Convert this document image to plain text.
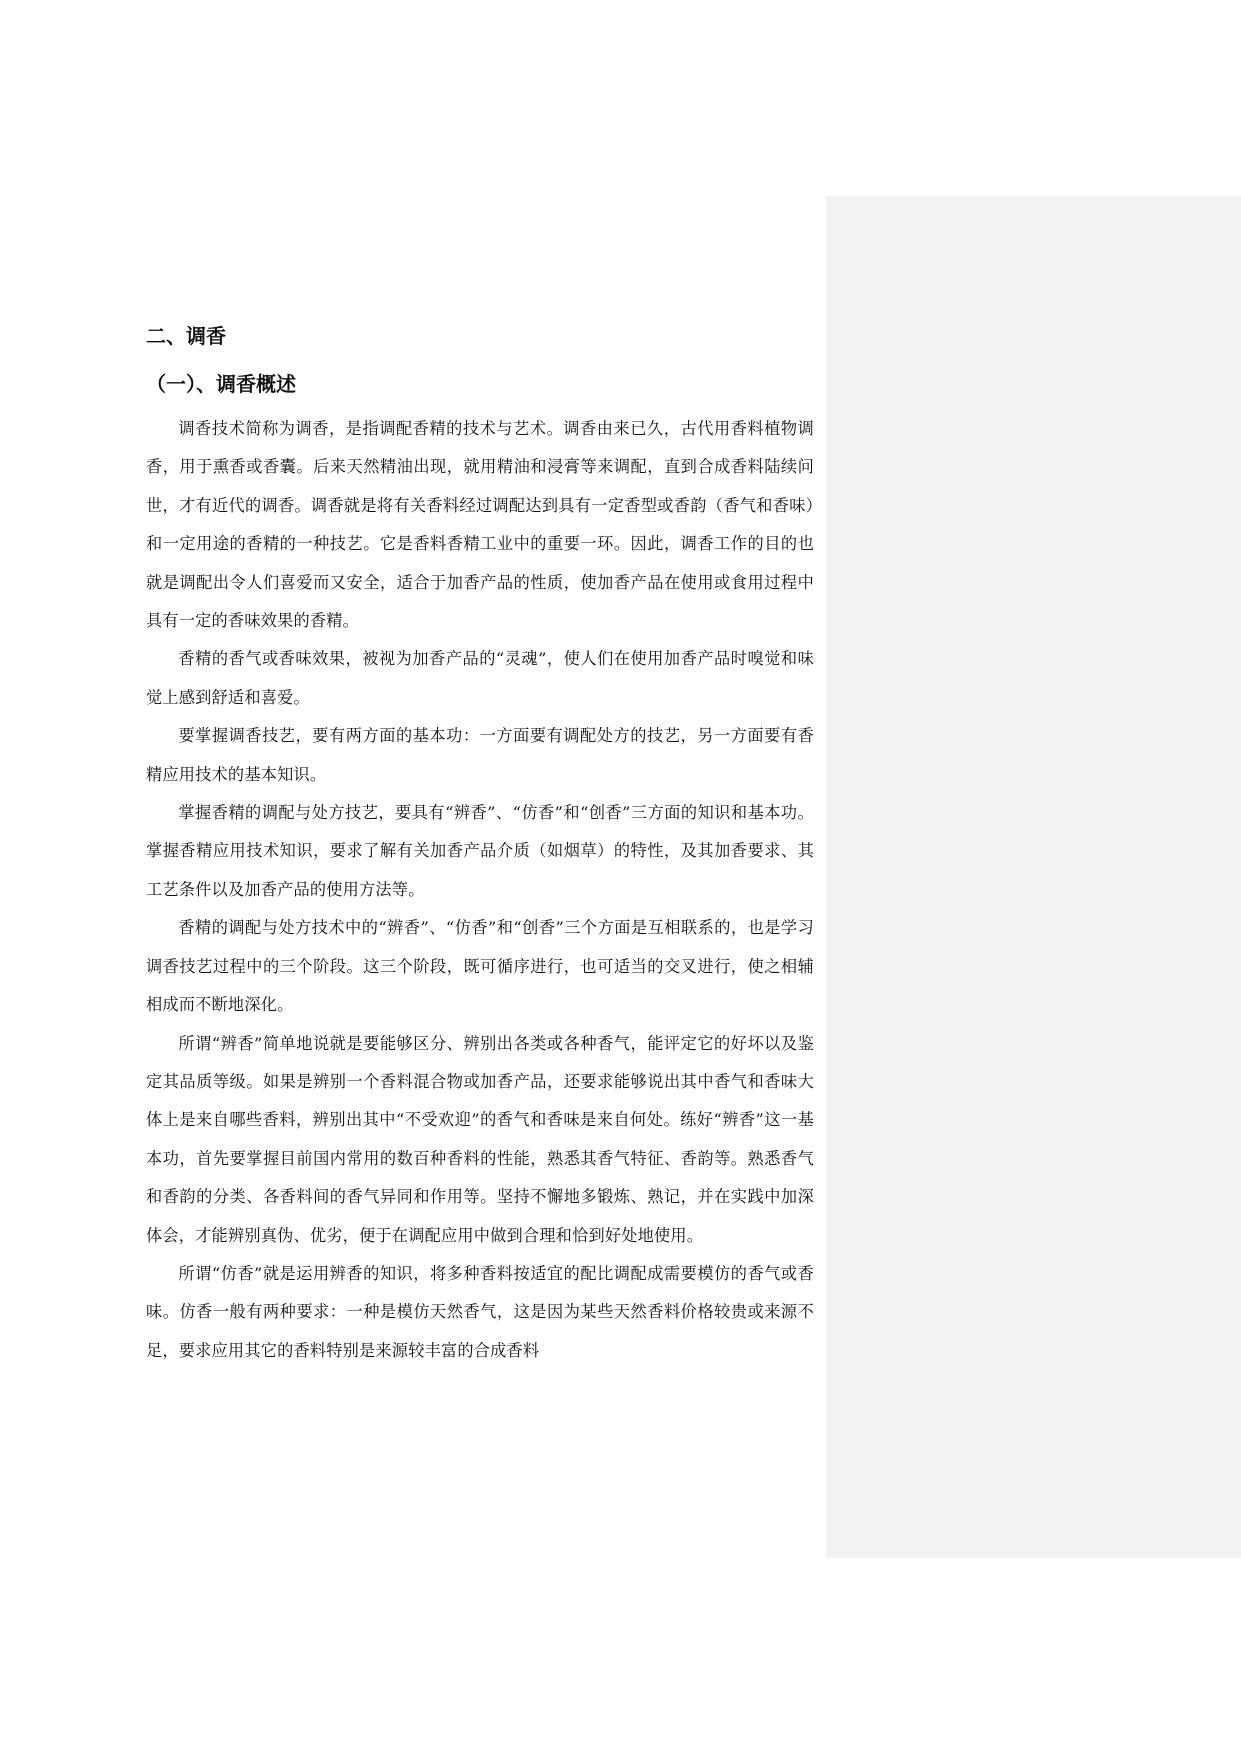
二、调香
（一）、调香概述

调香技术简称为调香，是指调配香精的技术与艺术。调香由来已久，古代用香料植物调香，用于熏香或香囊。后来天然精油出现，就用精油和浸膏等来调配，直到合成香料陆续问世，才有近代的调香。调香就是将有关香料经过调配达到具有一定香型或香韵（香气和香味）和一定用途的香精的一种技艺。它是香料香精工业中的重要一环。因此，调香工作的目的也就是调配出令人们喜爱而又安全，适合于加香产品的性质，使加香产品在使用或食用过程中具有一定的香味效果的香精。

香精的香气或香味效果，被视为加香产品的“灵魂”，使人们在使用加香产品时嗅觉和味觉上感到舒适和喜爱。

要掌握调香技艺，要有两方面的基本功：一方面要有调配处方的技艺，另一方面要有香精应用技术的基本知识。

掌握香精的调配与处方技艺，要具有“辨香”、“仿香”和“创香”三方面的知识和基本功。掌握香精应用技术知识，要求了解有关加香产品介质（如烟草）的特性，及其加香要求、其工艺条件以及加香产品的使用方法等。

香精的调配与处方技术中的“辨香”、“仿香”和“创香”三个方面是互相联系的，也是学习调香技艺过程中的三个阶段。这三个阶段，既可循序进行，也可适当的交叉进行，使之相辅相成而不断地深化。

所谓“辨香”简单地说就是要能够区分、辨别出各类或各种香气，能评定它的好坏以及鉴定其品质等级。如果是辨别一个香料混合物或加香产品，还要求能够说出其中香气和香味大体上是来自哪些香料，辨别出其中“不受欢迎”的香气和香味是来自何处。练好“辨香”这一基本功，首先要掌握目前国内常用的数百种香料的性能，熟悉其香气特征、香韵等。熟悉香气和香韵的分类、各香料间的香气异同和作用等。坚持不懈地多锻炼、熟记，并在实践中加深体会，才能辨别真伪、优劣，便于在调配应用中做到合理和恰到好处地使用。

所谓“仿香”就是运用辨香的知识，将多种香料按适宜的配比调配成需要模仿的香气或香味。仿香一般有两种要求：一种是模仿天然香气，这是因为某些天然香料价格较贵或来源不足，要求应用其它的香料特别是来源较丰富的合成香料
